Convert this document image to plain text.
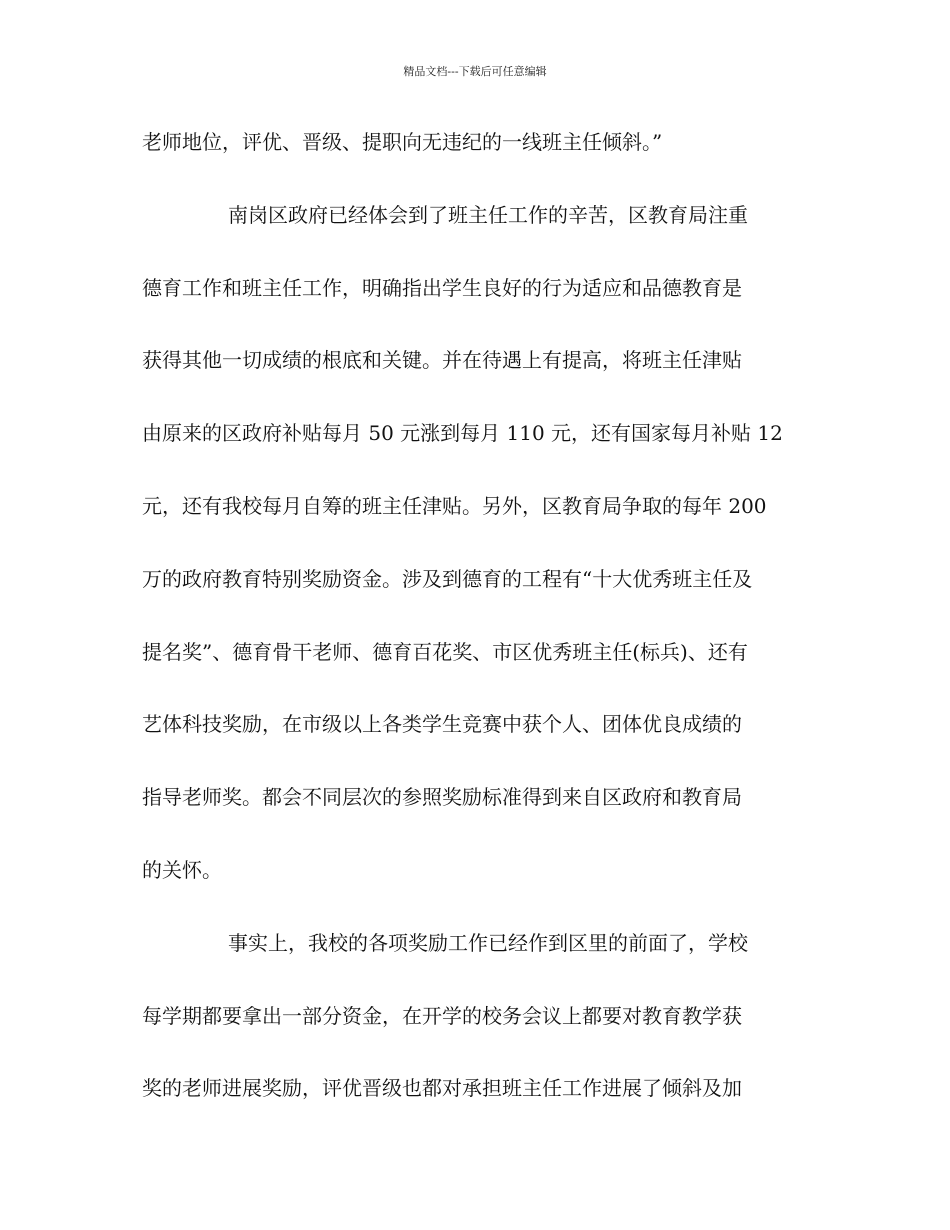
精品文档---下载后可任意编辑
老师地位，评优、晋级、提职向无违纪的一线班主任倾斜。”
南岗区政府已经体会到了班主任工作的辛苦，区教育局注重
德育工作和班主任工作，明确指出学生良好的行为适应和品德教育是
获得其他一切成绩的根底和关键。并在待遇上有提高，将班主任津贴
由原来的区政府补贴每月 50 元涨到每月 110 元，还有国家每月补贴 12
元，还有我校每月自筹的班主任津贴。另外，区教育局争取的每年 200
万的政府教育特别奖励资金。涉及到德育的工程有“十大优秀班主任及
提名奖”、德育骨干老师、德育百花奖、市区优秀班主任(标兵)、还有
艺体科技奖励，在市级以上各类学生竞赛中获个人、团体优良成绩的
指导老师奖。都会不同层次的参照奖励标准得到来自区政府和教育局
的关怀。
事实上，我校的各项奖励工作已经作到区里的前面了，学校
每学期都要拿出一部分资金，在开学的校务会议上都要对教育教学获
奖的老师进展奖励，评优晋级也都对承担班主任工作进展了倾斜及加
